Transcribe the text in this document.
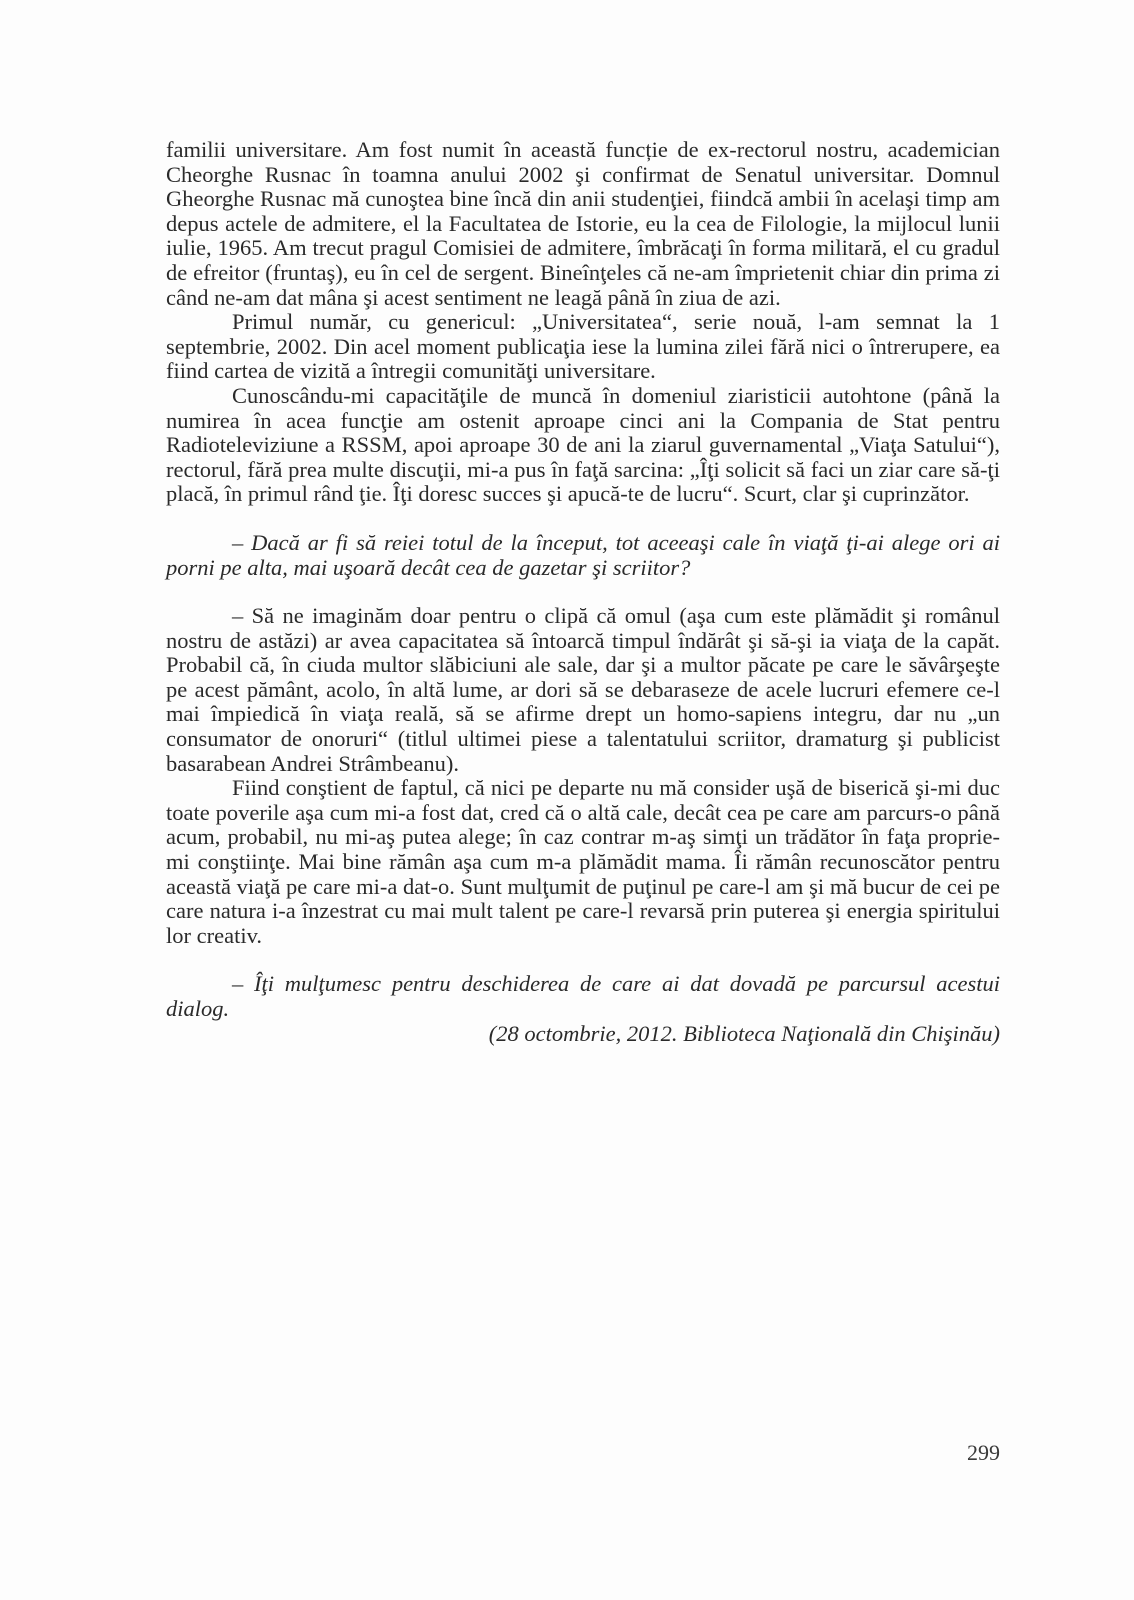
familii universitare. Am fost numit în această funcție de ex-rectorul nostru, academician Cheorghe Rusnac în toamna anului 2002 şi confirmat de Senatul universitar. Domnul Gheorghe Rusnac mă cunoştea bine încă din anii studenţiei, fiindcă ambii în acelaşi timp am depus actele de admitere, el la Facultatea de Istorie, eu la cea de Filologie, la mijlocul lunii iulie, 1965. Am trecut pragul Comisiei de admitere, îmbrăcaţi în forma militară, el cu gradul de efreitor (fruntaş), eu în cel de sergent. Bineînţeles că ne-am împrietenit chiar din prima zi când ne-am dat mâna şi acest sentiment ne leagă până în ziua de azi.

Primul număr, cu genericul: „Universitatea“, serie nouă, l-am semnat la 1 septembrie, 2002. Din acel moment publicaţia iese la lumina zilei fără nici o întrerupere, ea fiind cartea de vizită a întregii comunităţi universitare.

Cunoscându-mi capacităţile de muncă în domeniul ziaristicii autohtone (până la numirea în acea funcţie am ostenit aproape cinci ani la Compania de Stat pentru Radioteleviziune a RSSM, apoi aproape 30 de ani la ziarul guvernamental „Viaţa Satului“), rectorul, fără prea multe discuţii, mi-a pus în faţă sarcina: „Îţi solicit să faci un ziar care să-ţi placă, în primul rând ţie. Îţi doresc succes şi apucă-te de lucru“. Scurt, clar şi cuprinzător.

– Dacă ar fi să reiei totul de la început, tot aceeaşi cale în viaţă ţi-ai alege ori ai porni pe alta, mai uşoară decât cea de gazetar şi scriitor?

– Să ne imaginăm doar pentru o clipă că omul (aşa cum este plămădit şi românul nostru de astăzi) ar avea capacitatea să întoarcă timpul îndărât şi să-şi ia viaţa de la capăt. Probabil că, în ciuda multor slăbiciuni ale sale, dar şi a multor păcate pe care le săvârşeşte pe acest pământ, acolo, în altă lume, ar dori să se debaraseze de acele lucruri efemere ce-l mai împiedică în viaţa reală, să se afirme drept un homo-sapiens integru, dar nu „un consumator de onoruri“ (titlul ultimei piese a talentatului scriitor, dramaturg şi publicist basarabean Andrei Strâmbeanu).

Fiind conştient de faptul, că nici pe departe nu mă consider uşă de biserică şi-mi duc toate poverile aşa cum mi-a fost dat, cred că o altă cale, decât cea pe care am parcurs-o până acum, probabil, nu mi-aş putea alege; în caz contrar m-aş simţi un trădător în faţa proprie-mi conştiinţe. Mai bine rămân aşa cum m-a plămădit mama. Îi rămân recunoscător pentru această viaţă pe care mi-a dat-o. Sunt mulţumit de puţinul pe care-l am şi mă bucur de cei pe care natura i-a înzestrat cu mai mult talent pe care-l revarsă prin puterea şi energia spiritului lor creativ.

– Îţi mulţumesc pentru deschiderea de care ai dat dovadă pe parcursul acestui dialog.

(28 octombrie, 2012. Biblioteca Naţională din Chişinău)

299
